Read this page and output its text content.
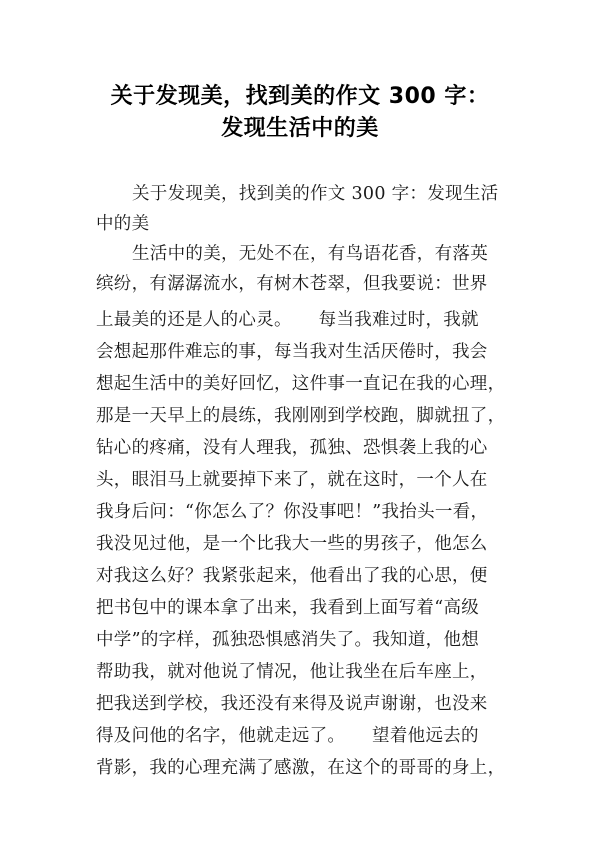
关于发现美，找到美的作文 300 字：
发现生活中的美
关于发现美，找到美的作文 300 字：发现生活
中的美
生活中的美，无处不在，有鸟语花香，有落英
缤纷，有潺潺流水，有树木苍翠，但我要说：世界
上最美的还是人的心灵。　　每当我难过时，我就
会想起那件难忘的事，每当我对生活厌倦时，我会
想起生活中的美好回忆，这件事一直记在我的心理，
那是一天早上的晨练，我刚刚到学校跑，脚就扭了，
钻心的疼痛，没有人理我，孤独、恐惧袭上我的心
头，眼泪马上就要掉下来了，就在这时，一个人在
我身后问：“你怎么了？你没事吧！”我抬头一看，
我没见过他，是一个比我大一些的男孩子，他怎么
对我这么好？我紧张起来，他看出了我的心思，便
把书包中的课本拿了出来，我看到上面写着“高级
中学”的字样，孤独恐惧感消失了。我知道，他想
帮助我，就对他说了情况，他让我坐在后车座上，
把我送到学校，我还没有来得及说声谢谢，也没来
得及问他的名字，他就走远了。　　望着他远去的
背影，我的心理充满了感激，在这个的哥哥的身上，
